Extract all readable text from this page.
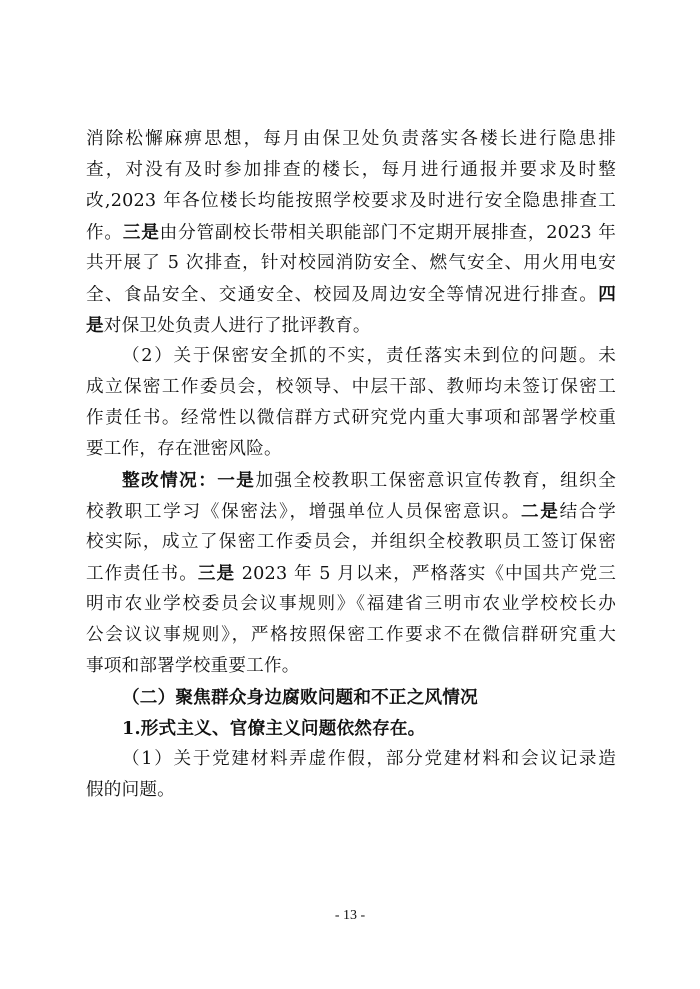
消除松懈麻痹思想，每月由保卫处负责落实各楼长进行隐患排
查，对没有及时参加排查的楼长，每月进行通报并要求及时整
改,2023 年各位楼长均能按照学校要求及时进行安全隐患排查工
作。三是由分管副校长带相关职能部门不定期开展排查，2023 年
共开展了 5 次排查，针对校园消防安全、燃气安全、用火用电安
全、食品安全、交通安全、校园及周边安全等情况进行排查。四
是对保卫处负责人进行了批评教育。
（2）关于保密安全抓的不实，责任落实未到位的问题。未
成立保密工作委员会，校领导、中层干部、教师均未签订保密工
作责任书。经常性以微信群方式研究党内重大事项和部署学校重
要工作，存在泄密风险。
整改情况：一是加强全校教职工保密意识宣传教育，组织全
校教职工学习《保密法》，增强单位人员保密意识。二是结合学
校实际，成立了保密工作委员会，并组织全校教职员工签订保密
工作责任书。三是 2023 年 5 月以来，严格落实《中国共产党三
明市农业学校委员会议事规则》《福建省三明市农业学校校长办
公会议议事规则》，严格按照保密工作要求不在微信群研究重大
事项和部署学校重要工作。
（二）聚焦群众身边腐败问题和不正之风情况
1.形式主义、官僚主义问题依然存在。
（1）关于党建材料弄虚作假，部分党建材料和会议记录造
假的问题。
- 13 -
